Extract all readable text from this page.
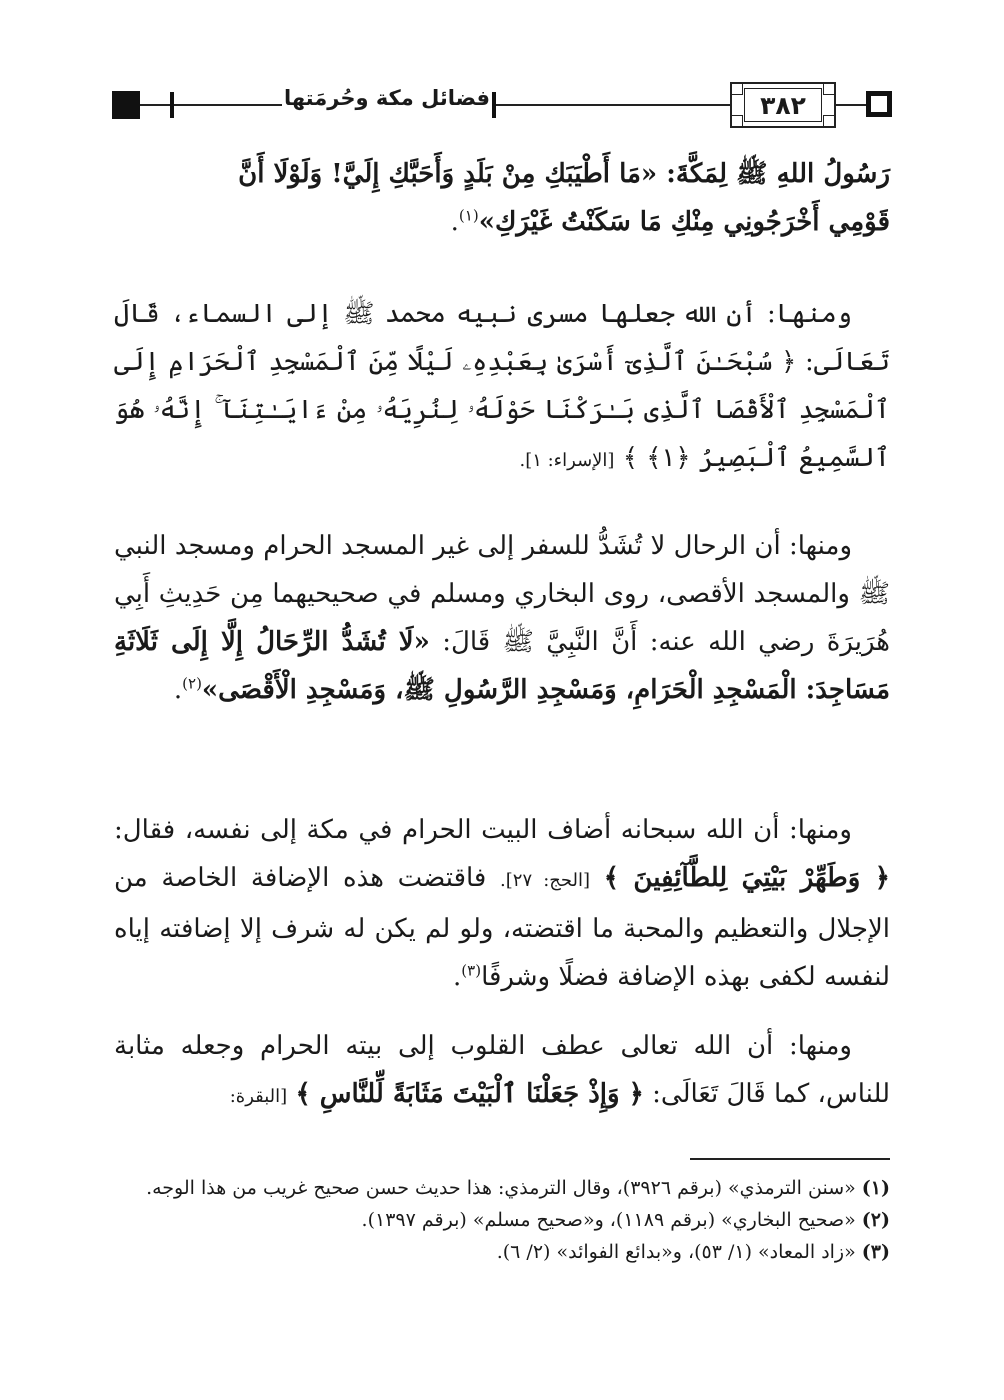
فضائل مكة وحُرمَتها	٣٨٢

رَسُولُ اللهِ ﷺ لِمَكَّةَ: «مَا أَطْيَبَكِ مِنْ بَلَدٍ وَأَحَبَّكِ إِلَيَّ! وَلَوْلَا أَنَّ

قَوْمِي أَخْرَجُونِي مِنْكِ مَا سَكَنْتُ غَيْرَكِ»$^{(١)}$.

ومنها: أن الله جعلها مسرى نبيه محمد ﷺ إلى السماء، قَالَ تَعَالَى: ﴿ سُبْحَـٰنَ ٱلَّذِىٓ أَسْرَىٰ بِعَبْدِهِۦ لَيْلًا مِّنَ ٱلْمَسْجِدِ ٱلْحَرَامِ إِلَى ٱلْمَسْجِدِ ٱلْأَقْصَا ٱلَّذِى بَـٰرَكْنَا حَوْلَهُۥ لِنُرِيَهُۥ مِنْ ءَايَـٰتِنَآ ۚ إِنَّهُۥ هُوَ ٱلسَّمِيعُ ٱلْبَصِيرُ ﴿١﴾ ﴾ [الإسراء: ١].

ومنها: أن الرحال لا تُشَدُّ للسفر إلى غير المسجد الحرام ومسجد النبي ﷺ والمسجد الأقصى، روى البخاري ومسلم في صحيحيهما مِن حَدِيثِ أَبِي هُرَيرَةَ رضي الله عنه: أَنَّ النَّبِيَّ ﷺ قَالَ: «لَا تُشَدُّ الرِّحَالُ إِلَّا إِلَى ثَلَاثَةِ مَسَاجِدَ: الْمَسْجِدِ الْحَرَامِ، وَمَسْجِدِ الرَّسُولِ ﷺ، وَمَسْجِدِ الْأَقْصَى»$^{(٢)}$.

ومنها: أن الله سبحانه أضاف البيت الحرام في مكة إلى نفسه، فقال: ﴿ وَطَهِّرْ بَيْتِيَ لِلطَّآئِفِينَ ﴾ [الحج: ٢٧]. فاقتضت هذه الإضافة الخاصة من الإجلال والتعظيم والمحبة ما اقتضته، ولو لم يكن له شرف إلا إضافته إياه لنفسه لكفى بهذه الإضافة فضلًا وشرفًا$^{(٣)}$.

ومنها: أن الله تعالى عطف القلوب إلى بيته الحرام وجعله مثابة للناس، كما قَالَ تَعَالَى: ﴿ وَإِذْ جَعَلْنَا ٱلْبَيْتَ مَثَابَةً لِّلنَّاسِ ﴾ [البقرة:

(١) «سنن الترمذي» (برقم ٣٩٢٦)، وقال الترمذي: هذا حديث حسن صحيح غريب من هذا الوجه.
(٢) «صحيح البخاري» (برقم ١١٨٩)، و«صحيح مسلم» (برقم ١٣٩٧).
(٣) «زاد المعاد» (١/ ٥٣)، و«بدائع الفوائد» (٢/ ٦).
